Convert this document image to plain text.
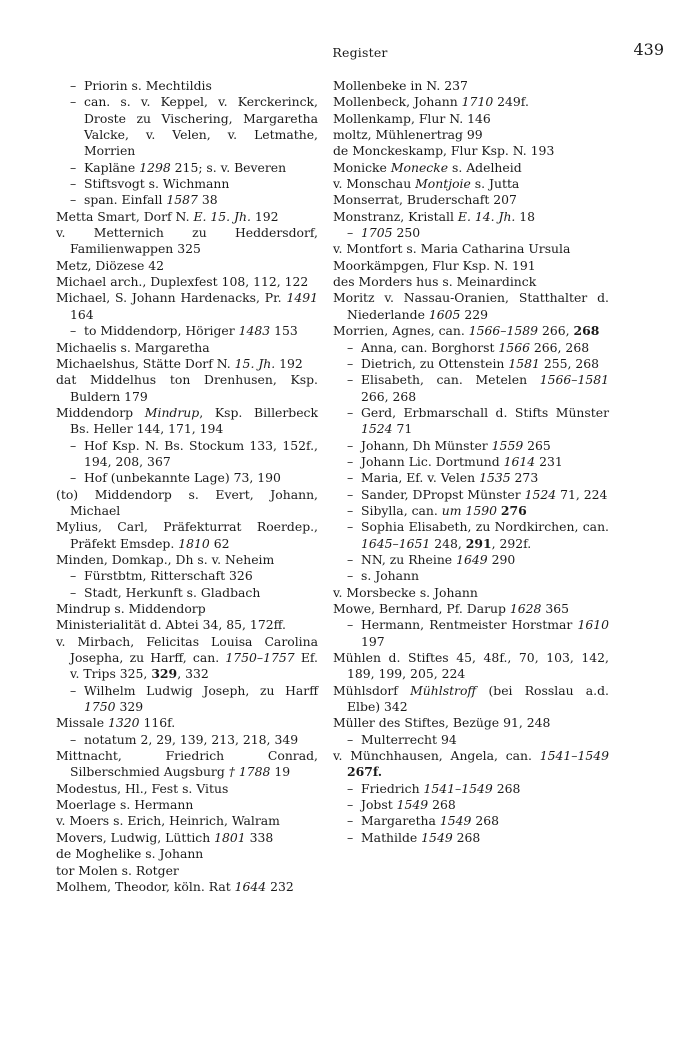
Register	439

– Priorin s. Mechtildis

– can. s. v. Keppel, v. Kerckerinck, Droste zu Vischering, Margaretha Valcke, v. Velen, v. Letmathe, Morrien

– Kapläne 1298 215; s. v. Beveren

– Stiftsvogt s. Wichmann

– span. Einfall 1587 38

Metta Smart, Dorf N. E. 15. Jh. 192

v. Metternich zu Heddersdorf, Familienwappen 325

Metz, Diözese 42

Michael arch., Duplexfest 108, 112, 122

Michael, S. Johann Hardenacks, Pr. 1491 164

– to Middendorp, Höriger 1483 153

Michaelis s. Margaretha

Michaelshus, Stätte Dorf N. 15. Jh. 192

dat Middelhus ton Drenhusen, Ksp. Buldern 179

Middendorp Mindrup, Ksp. Billerbeck Bs. Heller 144, 171, 194

– Hof Ksp. N. Bs. Stockum 133, 152f., 194, 208, 367

– Hof (unbekannte Lage) 73, 190

(to) Middendorp s. Evert, Johann, Michael

Mylius, Carl, Präfekturrat Roerdep., Präfekt Emsdep. 1810 62

Minden, Domkap., Dh s. v. Neheim

– Fürstbtm, Ritterschaft 326

– Stadt, Herkunft s. Gladbach

Mindrup s. Middendorp

Ministerialität d. Abtei 34, 85, 172ff.

v. Mirbach, Felicitas Louisa Carolina Josepha, zu Harff, can. 1750–1757 Ef. v. Trips 325, 329, 332

– Wilhelm Ludwig Joseph, zu Harff 1750 329

Missale 1320 116f.

– notatum 2, 29, 139, 213, 218, 349

Mittnacht, Friedrich Conrad, Silberschmied Augsburg † 1788 19

Modestus, Hl., Fest s. Vitus

Moerlage s. Hermann

v. Moers s. Erich, Heinrich, Walram

Movers, Ludwig, Lüttich 1801 338

de Moghelike s. Johann

tor Molen s. Rotger

Molhem, Theodor, köln. Rat 1644 232

Mollenbeke in N. 237

Mollenbeck, Johann 1710 249f.

Mollenkamp, Flur N. 146

moltz, Mühlenertrag 99

de Monckeskamp, Flur Ksp. N. 193

Monicke Monecke s. Adelheid

v. Monschau Montjoie s. Jutta

Monserrat, Bruderschaft 207

Monstranz, Kristall E. 14. Jh. 18

– 1705 250

v. Montfort s. Maria Catharina Ursula

Moorkämpgen, Flur Ksp. N. 191

des Morders hus s. Meinardinck

Moritz v. Nassau-Oranien, Statthalter d. Niederlande 1605 229

Morrien, Agnes, can. 1566–1589 266, 268

– Anna, can. Borghorst 1566 266, 268

– Dietrich, zu Ottenstein 1581 255, 268

– Elisabeth, can. Metelen 1566–1581 266, 268

– Gerd, Erbmarschall d. Stifts Münster 1524 71

– Johann, Dh Münster 1559 265

– Johann Lic. Dortmund 1614 231

– Maria, Ef. v. Velen 1535 273

– Sander, DPropst Münster 1524 71, 224

– Sibylla, can. um 1590 276

– Sophia Elisabeth, zu Nordkirchen, can. 1645–1651 248, 291, 292f.

– NN, zu Rheine 1649 290

– s. Johann

v. Morsbecke s. Johann

Mowe, Bernhard, Pf. Darup 1628 365

– Hermann, Rentmeister Horstmar 1610 197

Mühlen d. Stiftes 45, 48f., 70, 103, 142, 189, 199, 205, 224

Mühlsdorf Mühlstroff (bei Rosslau a.d. Elbe) 342

Müller des Stiftes, Bezüge 91, 248

– Multerrecht 94

v. Münchhausen, Angela, can. 1541–1549 267f.

– Friedrich 1541–1549 268

– Jobst 1549 268

– Margaretha 1549 268

– Mathilde 1549 268
